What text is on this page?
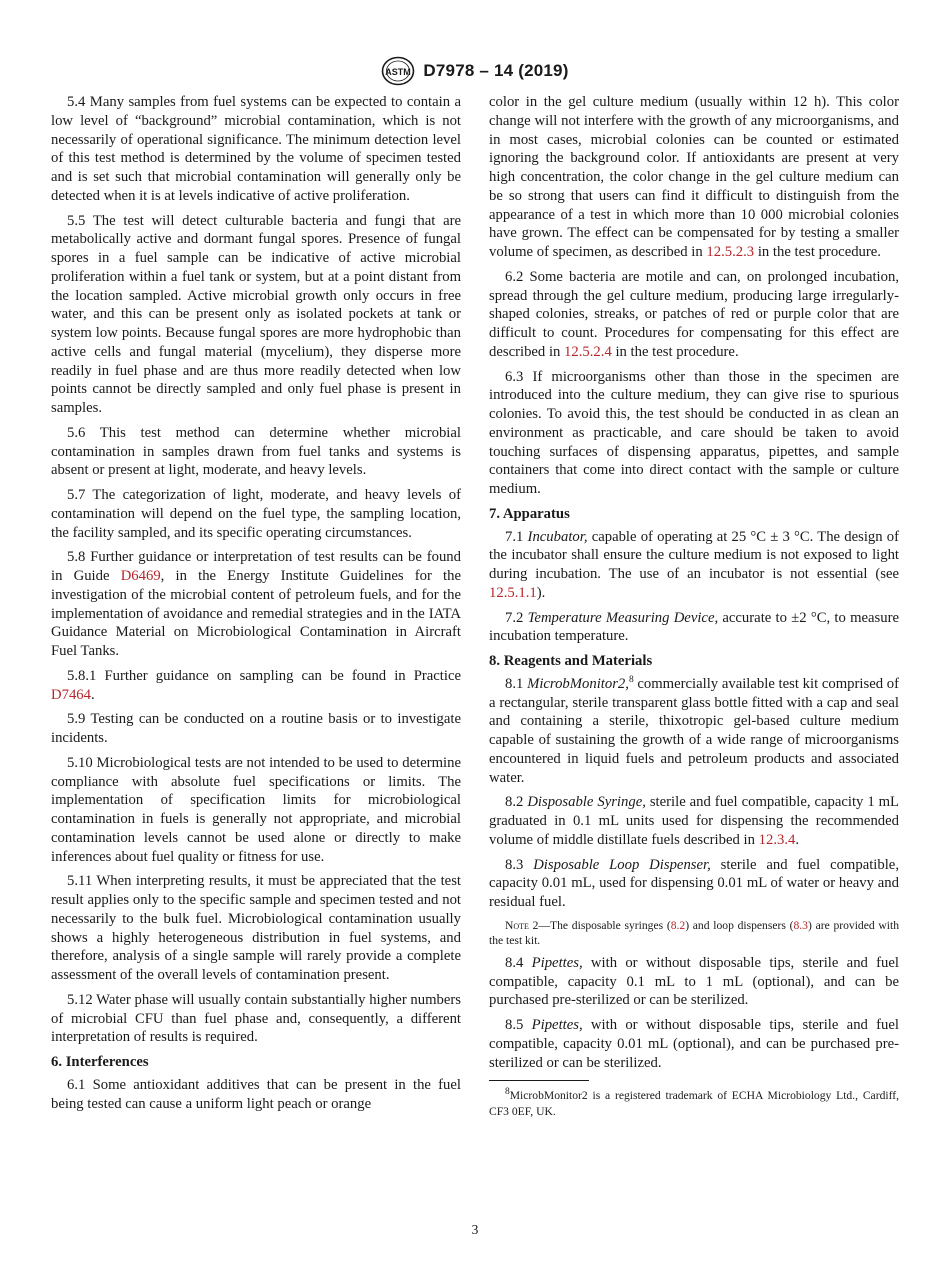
ASTM D7978 – 14 (2019)

5.4 Many samples from fuel systems can be expected to contain a low level of “background” microbial contamination, which is not necessarily of operational significance. The minimum detection level of this test method is determined by the volume of specimen tested and is set such that microbial contamination will generally only be detected when it is at levels indicative of active proliferation.

5.5 The test will detect culturable bacteria and fungi that are metabolically active and dormant fungal spores. Presence of fungal spores in a fuel sample can be indicative of active microbial proliferation within a fuel tank or system, but at a point distant from the location sampled. Active microbial growth only occurs in free water, and this can be present only as isolated pockets at tank or system low points. Because fungal spores are more hydrophobic than active cells and fungal material (mycelium), they disperse more readily in fuel phase and are thus more readily detected when low points cannot be directly sampled and only fuel phase is present in samples.

5.6 This test method can determine whether microbial contamination in samples drawn from fuel tanks and systems is absent or present at light, moderate, and heavy levels.

5.7 The categorization of light, moderate, and heavy levels of contamination will depend on the fuel type, the sampling location, the facility sampled, and its specific operating circumstances.

5.8 Further guidance or interpretation of test results can be found in Guide D6469, in the Energy Institute Guidelines for the investigation of the microbial content of petroleum fuels, and for the implementation of avoidance and remedial strategies and in the IATA Guidance Material on Microbiological Contamination in Aircraft Fuel Tanks.

5.8.1 Further guidance on sampling can be found in Practice D7464.

5.9 Testing can be conducted on a routine basis or to investigate incidents.

5.10 Microbiological tests are not intended to be used to determine compliance with absolute fuel specifications or limits. The implementation of specification limits for microbiological contamination in fuels is generally not appropriate, and microbial contamination levels cannot be used alone or directly to make inferences about fuel quality or fitness for use.

5.11 When interpreting results, it must be appreciated that the test result applies only to the specific sample and specimen tested and not necessarily to the bulk fuel. Microbiological contamination usually shows a highly heterogeneous distribution in fuel systems, and therefore, analysis of a single sample will rarely provide a complete assessment of the overall levels of contamination present.

5.12 Water phase will usually contain substantially higher numbers of microbial CFU than fuel phase and, consequently, a different interpretation of results is required.

6. Interferences

6.1 Some antioxidant additives that can be present in the fuel being tested can cause a uniform light peach or orange

color in the gel culture medium (usually within 12 h). This color change will not interfere with the growth of any microorganisms, and in most cases, microbial colonies can be counted or estimated ignoring the background color. If antioxidants are present at very high concentration, the color change in the gel culture medium can be so strong that users can find it difficult to distinguish from the appearance of a test in which more than 10 000 microbial colonies have grown. The effect can be compensated for by testing a smaller volume of specimen, as described in 12.5.2.3 in the test procedure.

6.2 Some bacteria are motile and can, on prolonged incubation, spread through the gel culture medium, producing large irregularly-shaped colonies, streaks, or patches of red or purple color that are difficult to count. Procedures for compensating for this effect are described in 12.5.2.4 in the test procedure.

6.3 If microorganisms other than those in the specimen are introduced into the culture medium, they can give rise to spurious colonies. To avoid this, the test should be conducted in as clean an environment as practicable, and care should be taken to avoid touching surfaces of dispensing apparatus, pipettes, and sample containers that come into direct contact with the sample or culture medium.

7. Apparatus

7.1 Incubator, capable of operating at 25 °C ± 3 °C. The design of the incubator shall ensure the culture medium is not exposed to light during incubation. The use of an incubator is not essential (see 12.5.1.1).

7.2 Temperature Measuring Device, accurate to ±2 °C, to measure incubation temperature.

8. Reagents and Materials

8.1 MicrobMonitor2,$^8$ commercially available test kit comprised of a rectangular, sterile transparent glass bottle fitted with a cap and seal and containing a sterile, thixotropic gel-based culture medium capable of sustaining the growth of a wide range of microorganisms encountered in liquid fuels and petroleum products and associated water.

8.2 Disposable Syringe, sterile and fuel compatible, capacity 1 mL graduated in 0.1 mL units used for dispensing the recommended volume of middle distillate fuels described in 12.3.4.

8.3 Disposable Loop Dispenser, sterile and fuel compatible, capacity 0.01 mL, used for dispensing 0.01 mL of water or heavy and residual fuel.

Note 2—The disposable syringes (8.2) and loop dispensers (8.3) are provided with the test kit.

8.4 Pipettes, with or without disposable tips, sterile and fuel compatible, capacity 0.1 mL to 1 mL (optional), and can be purchased pre-sterilized or can be sterilized.

8.5 Pipettes, with or without disposable tips, sterile and fuel compatible, capacity 0.01 mL (optional), and can be purchased pre-sterilized or can be sterilized.

$^8$MicrobMonitor2 is a registered trademark of ECHA Microbiology Ltd., Cardiff, CF3 0EF, UK.

3
